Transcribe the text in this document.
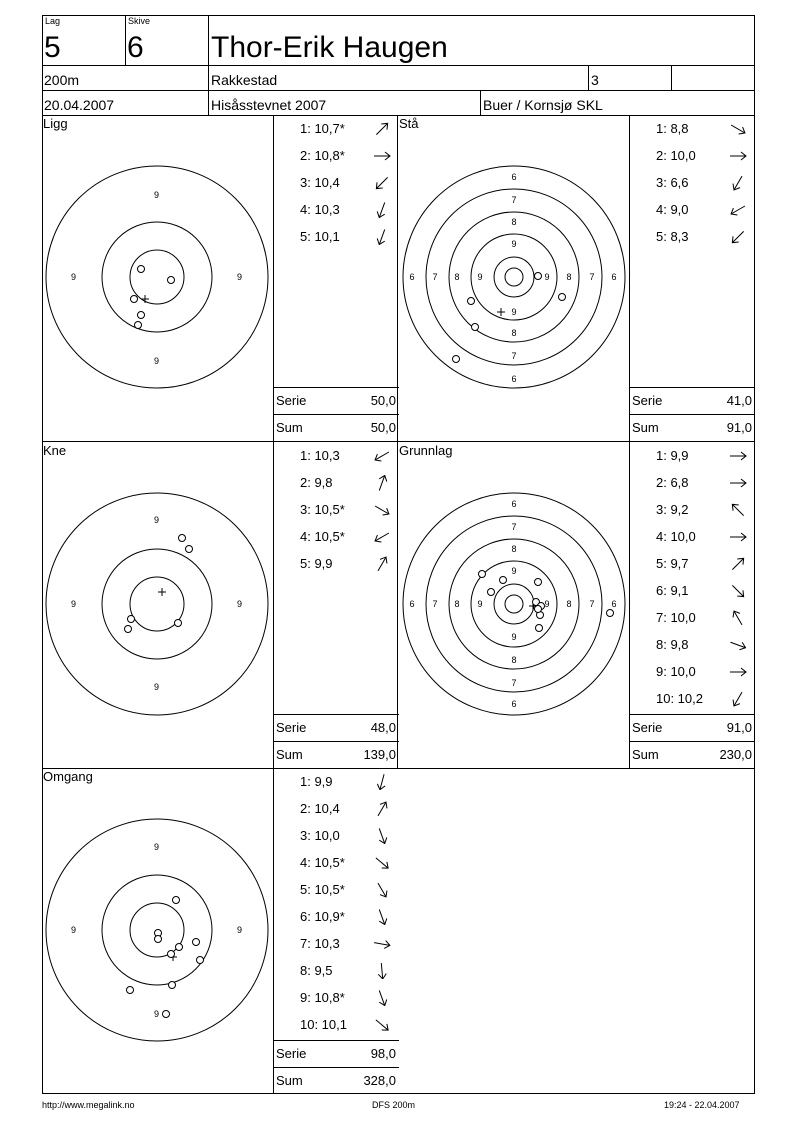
Lag
5
Skive
6 Thor-Erik Haugen
200m	Rakkestad	3
20.04.2007	Hisåsstevnet 2007	Buer / Kornsjø SKL
Ligg
9
9
9	9
Stå
6
7
8
9
9
8
7
6
6 7 8 9	9 8 7 6
Kne
9
9
9	9
Grunnlag
6
7
8
9
9
8
7
6
6 7 8 9	9 8 7 6
Omgang
9
9
9	9
1: 10,7*
2: 10,8*
3: 10,4
4: 10,3
5: 10,1
1: 8,8
2: 10,0
3: 6,6
4: 9,0
5: 8,3
1: 10,3
2: 9,8
3: 10,5*
4: 10,5*
5: 9,9
1: 9,9
2: 6,8
3: 9,2
4: 10,0
5: 9,7
6: 9,1
7: 10,0
8: 9,8
9: 10,0
10: 10,2
1: 9,9
2: 10,4
3: 10,0
4: 10,5*
5: 10,5*
6: 10,9*
7: 10,3
8: 9,5
9: 10,8*
10: 10,1
Serie	50,0
Sum	50,0
Serie	41,0
Sum	91,0
Serie	48,0
Sum	139,0
Serie	91,0
Sum	230,0
Serie	98,0
Sum	328,0
http://www.megalink.no	DFS 200m	19:24 - 22.04.2007
